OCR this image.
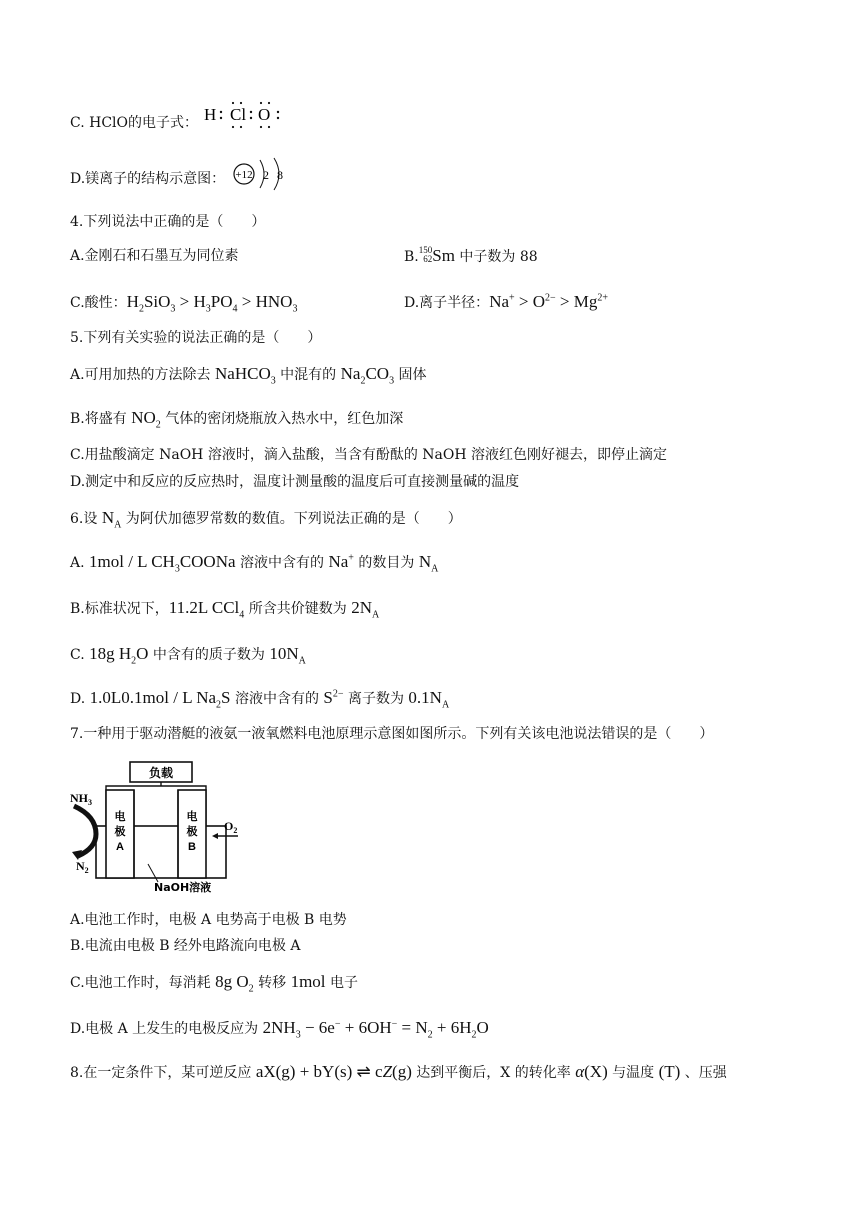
C. HClO的电子式： H Cl O
D.镁离子的结构示意图： +12 2 8
4.下列说法中正确的是（　　）
A.金刚石和石墨互为同位素	B.150
62Sm 中子数为 88
C.酸性：$H_2SiO_3 > H_3PO_4 > HNO_3$	D.离子半径：$Na^+ > O^{2-} > Mg^{2+}$
5.下列有关实验的说法正确的是（　　）
A.可用加热的方法除去 NaHCO$_3$ 中混有的 $Na_2CO_3$ 固体
B.将盛有 $NO_2$ 气体的密闭烧瓶放入热水中，红色加深
C.用盐酸滴定 NaOH 溶液时，滴入盐酸，当含有酚酞的 NaOH 溶液红色刚好褪去，即停止滴定
D.测定中和反应的反应热时，温度计测量酸的温度后可直接测量碱的温度
6.设 $N_A$ 为阿伏加德罗常数的数值。下列说法正确的是（　　）
A. 1mol / L $CH_3COONa$ 溶液中含有的 Na+ 的数目为 $N_A$
B.标准状况下，11.2L CCl$_4$ 所含共价键数为 $2N_A$
C. 18g $H_2O$ 中含有的质子数为 $10N_A$
D. 1.0L0.1mol / L $Na_2S$ 溶液中含有的 $S^{2-}$ 离子数为 $0.1N_A$
7.一种用于驱动潜艇的液氨一液氧燃料电池原理示意图如图所示。下列有关该电池说法错误的是（　　）
负载
电
极
A
电
极
B
$NH_3$
$N_2$
$O_2$
NaOH溶液
A.电池工作时，电极 A 电势高于电极 B 电势
B.电流由电极 B 经外电路流向电极 A
C.电池工作时，每消耗 8g $O_2$ 转移 1mol 电子
D.电极 A 上发生的电极反应为 $2NH_3 - 6e^- + 6OH^- = N_2 + 6H_2O$
8.在一定条件下，某可逆反应 aX(g) + bY(s) ⇌ cZ(g) 达到平衡后，X 的转化率 α(X) 与温度 (T) 、压强
